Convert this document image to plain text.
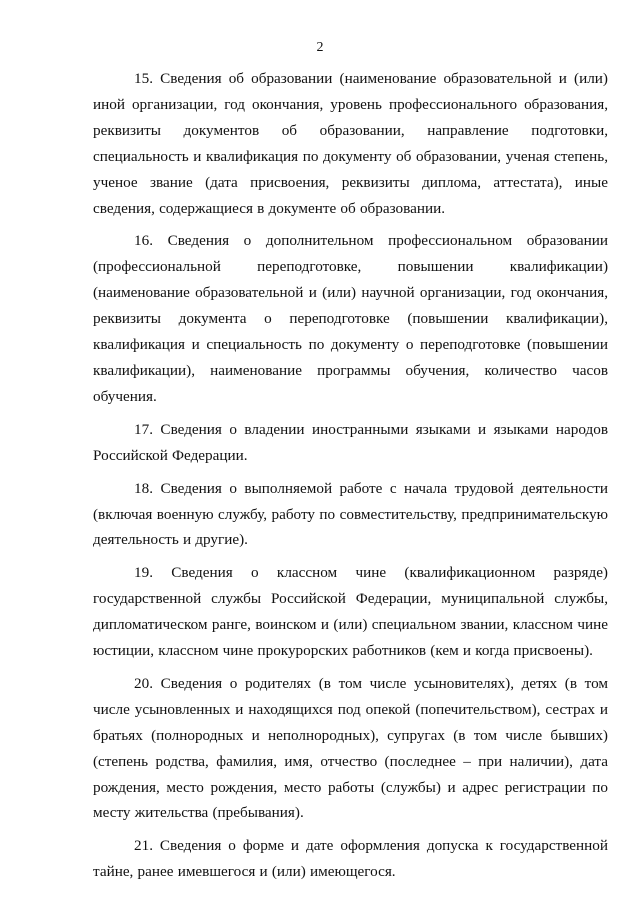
2

15. Сведения об образовании (наименование образовательной и (или) иной организации, год окончания, уровень профессионального образования, реквизиты документов об образовании, направление подготовки, специальность и квалификация по документу об образовании, ученая степень, ученое звание (дата присвоения, реквизиты диплома, аттестата), иные сведения, содержащиеся в документе об образовании.

16. Сведения о дополнительном профессиональном образовании (профессиональной переподготовке, повышении квалификации) (наименование образовательной и (или) научной организации, год окончания, реквизиты документа о переподготовке (повышении квалификации), квалификация и специальность по документу о переподготовке (повышении квалификации), наименование программы обучения, количество часов обучения.

17. Сведения о владении иностранными языками и языками народов Российской Федерации.

18. Сведения о выполняемой работе с начала трудовой деятельности (включая военную службу, работу по совместительству, предпринимательскую деятельность и другие).

19. Сведения о классном чине (квалификационном разряде) государственной службы Российской Федерации, муниципальной службы, дипломатическом ранге, воинском и (или) специальном звании, классном чине юстиции, классном чине прокурорских работников (кем и когда присвоены).

20. Сведения о родителях (в том числе усыновителях), детях (в том числе усыновленных и находящихся под опекой (попечительством), сестрах и братьях (полнородных и неполнородных), супругах (в том числе бывших) (степень родства, фамилия, имя, отчество (последнее – при наличии), дата рождения, место рождения, место работы (службы) и адрес регистрации по месту жительства (пребывания).

21. Сведения о форме и дате оформления допуска к государственной тайне, ранее имевшегося и (или) имеющегося.
